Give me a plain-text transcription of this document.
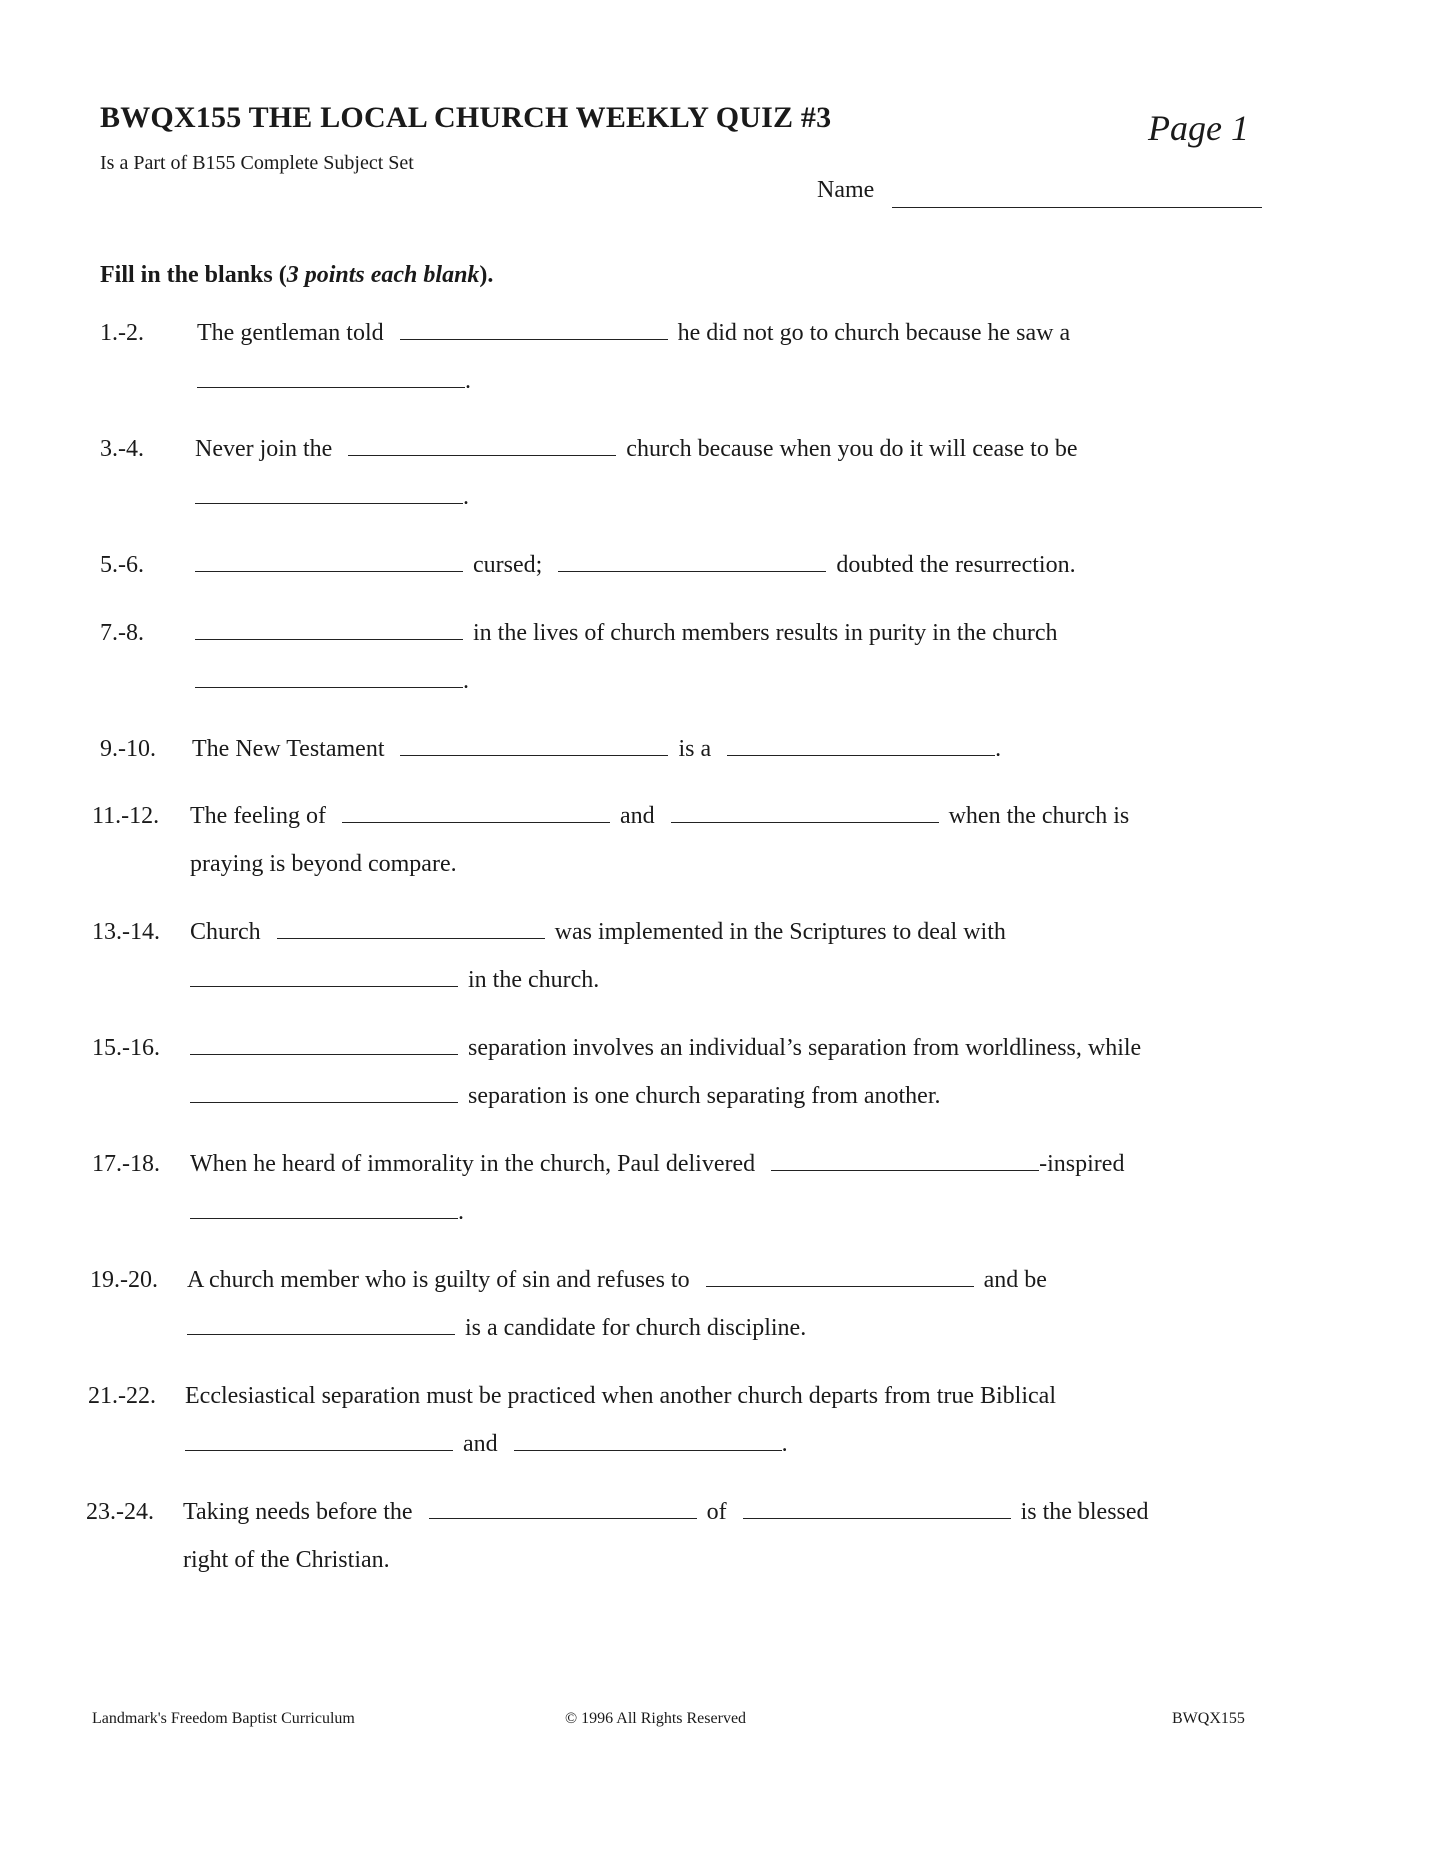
BWQX155 THE LOCAL CHURCH WEEKLY QUIZ #3
Is a Part of B155 Complete Subject Set
Page 1
Name
Fill in the blanks (3 points each blank).
1.-2. The gentleman told	he did not go to church because he saw a
.
3.-4. Never join the	church because when you do it will cease to be
.
5.-6.	cursed;	doubted the resurrection.
7.-8.	in the lives of church members results in purity in the church
.
9.-10. The New Testament	is a	.
11.-12. The feeling of	and	when the church is
praying is beyond compare.
13.-14. Church	was implemented in the Scriptures to deal with
in the church.
15.-16.	separation involves an individual’s separation from worldliness, while
separation is one church separating from another.
17.-18. When he heard of immorality in the church, Paul delivered	-inspired
.
19.-20. A church member who is guilty of sin and refuses to	and be
is a candidate for church discipline.
21.-22. Ecclesiastical separation must be practiced when another church departs from true Biblical
and	.
23.-24. Taking needs before the	of	is the blessed
right of the Christian.
Landmark's Freedom Baptist Curriculum	© 1996 All Rights Reserved	BWQX155
